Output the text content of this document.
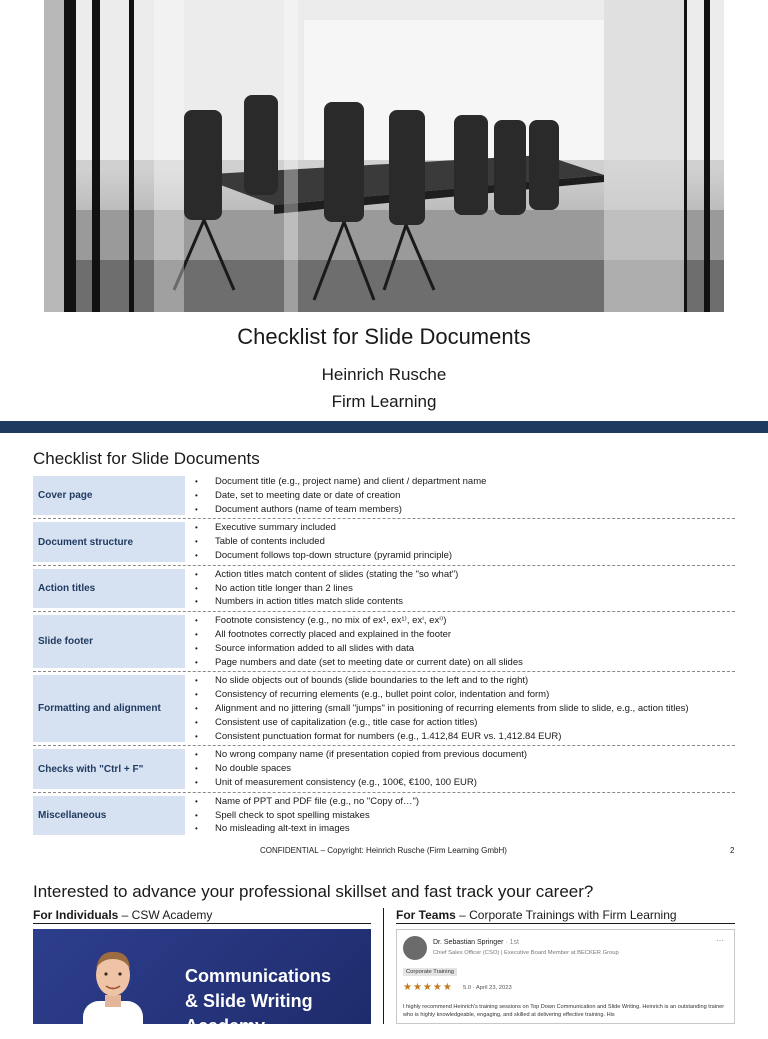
Checklist for Slide Documents
Heinrich Rusche
Firm Learning
Checklist for Slide Documents
Cover page
• Document title (e.g., project name) and client / department name
• Date, set to meeting date or date of creation
• Document authors (name of team members)
Document structure
• Executive summary included
• Table of contents included
• Document follows top-down structure (pyramid principle)
Action titles
• Action titles match content of slides (stating the "so what")
• No action title longer than 2 lines
• Numbers in action titles match slide contents
Slide footer
• Footnote consistency (e.g., no mix of ex¹, ex¹⁾, exⁱ, exⁱ⁾)
• All footnotes correctly placed and explained in the footer
• Source information added to all slides with data
• Page numbers and date (set to meeting date or current date) on all slides
Formatting and alignment
• No slide objects out of bounds (slide boundaries to the left and to the right)
• Consistency of recurring elements (e.g., bullet point color, indentation and form)
• Alignment and no jittering (small "jumps" in positioning of recurring elements from slide to slide, e.g., action titles)
• Consistent use of capitalization (e.g., title case for action titles)
• Consistent punctuation format for numbers (e.g., 1.412,84 EUR vs. 1,412.84 EUR)
Checks with "Ctrl + F"
• No wrong company name (if presentation copied from previous document)
• No double spaces
• Unit of measurement consistency (e.g., 100€, €100, 100 EUR)
Miscellaneous
• Name of PPT and PDF file (e.g., no "Copy of…")
• Spell check to spot spelling mistakes
• No misleading alt-text in images
CONFIDENTIAL – Copyright: Heinrich Rusche (Firm Learning GmbH)	2
Interested to advance your professional skillset and fast track your career?
For Individuals – CSW Academy	For Teams – Corporate Trainings with Firm Learning
Communications
& Slide Writing
Academy
Dr. Sebastian Springer · 1st
Chief Sales Officer (CSO) | Executive Board Member at BECKER Group
···
Corporate Training
★★★★★ 5.0 · April 23, 2023
I highly recommend Heinrich's training sessions on Top Down Communication and Slide Writing. Heinrich is an outstanding trainer who is highly knowledgeable, engaging, and skilled at delivering effective training. His
